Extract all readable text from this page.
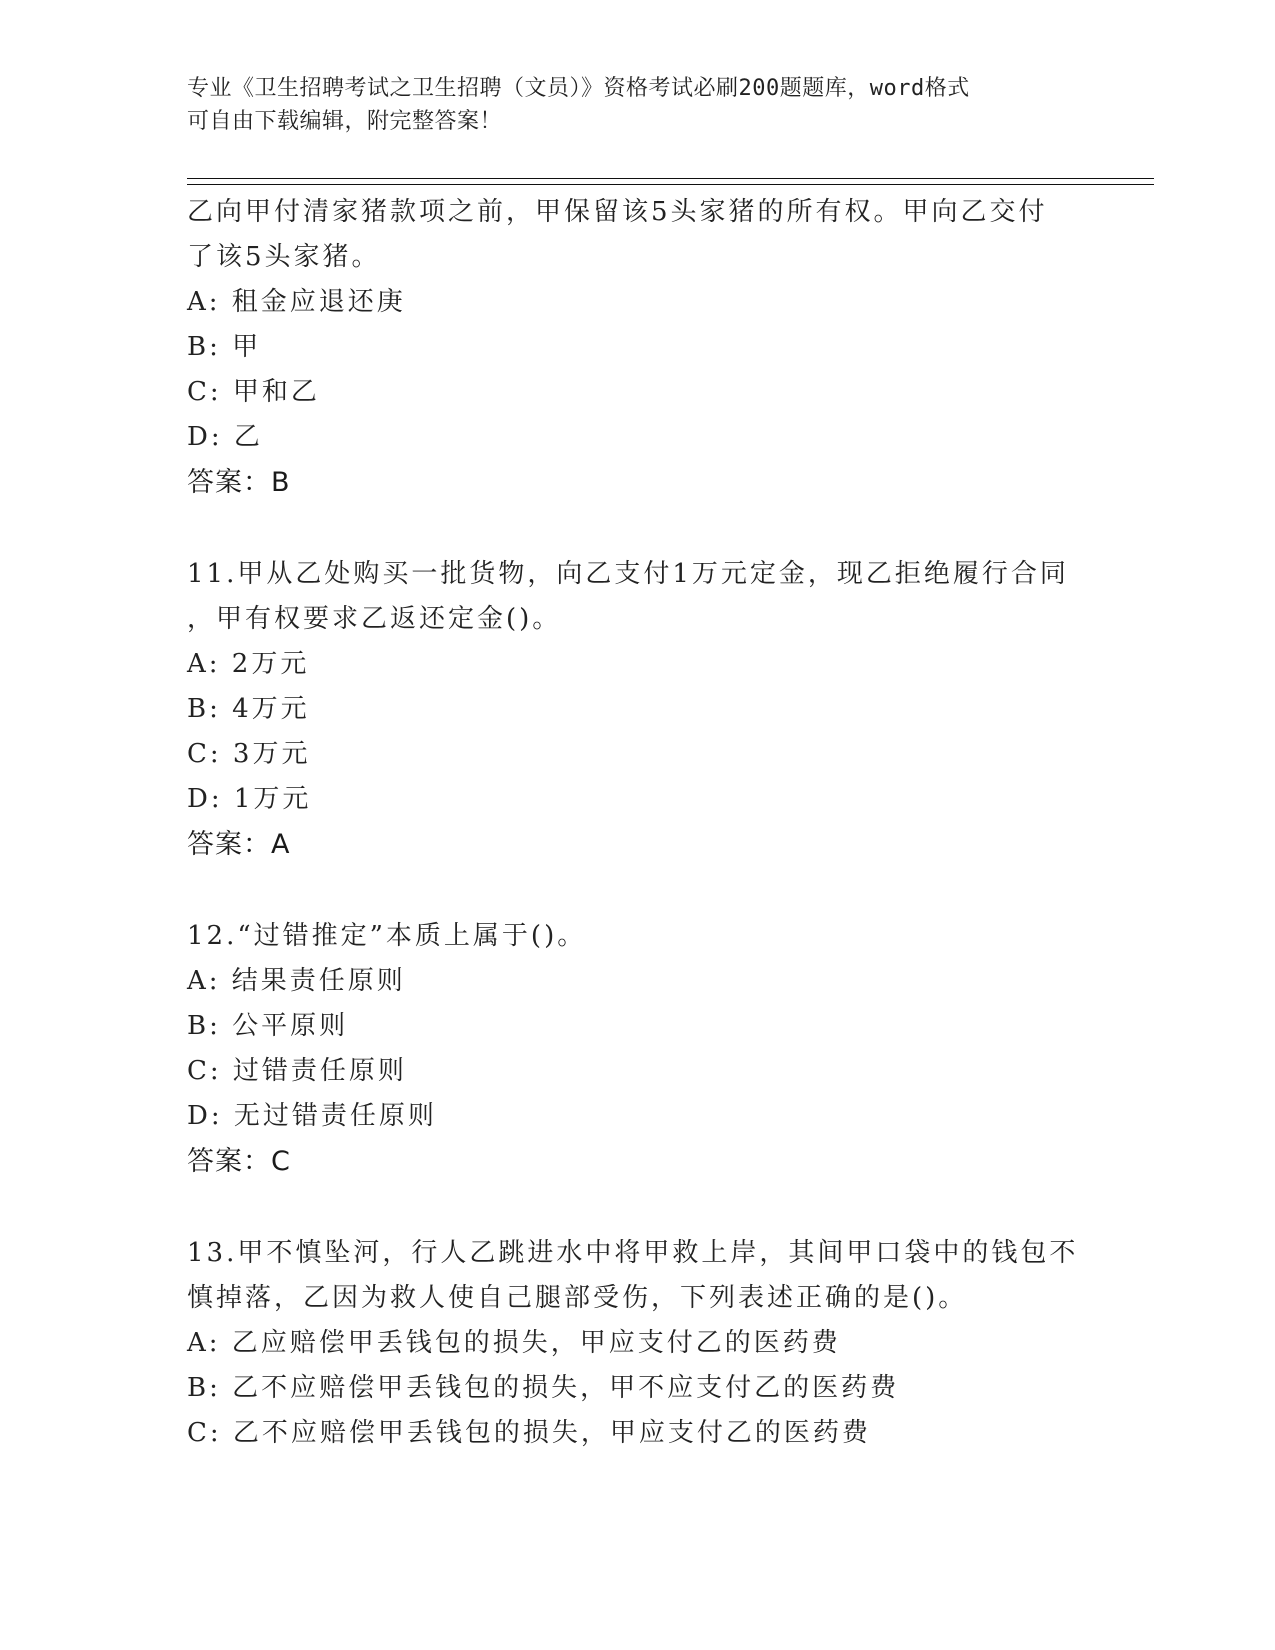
专业《卫生招聘考试之卫生招聘（文员）》资格考试必刷200题题库，word格式
可自由下载编辑，附完整答案！
乙向甲付清家猪款项之前，甲保留该5头家猪的所有权。甲向乙交付
了该5头家猪。
A: 租金应退还庚
B: 甲
C: 甲和乙
D: 乙
答案：B
11.甲从乙处购买一批货物，向乙支付1万元定金，现乙拒绝履行合同
，甲有权要求乙返还定金()。
A: 2万元
B: 4万元
C: 3万元
D: 1万元
答案：A
12.“过错推定”本质上属于()。
A: 结果责任原则
B: 公平原则
C: 过错责任原则
D: 无过错责任原则
答案：C
13.甲不慎坠河，行人乙跳进水中将甲救上岸，其间甲口袋中的钱包不
慎掉落，乙因为救人使自己腿部受伤，下列表述正确的是()。
A: 乙应赔偿甲丢钱包的损失，甲应支付乙的医药费
B: 乙不应赔偿甲丢钱包的损失，甲不应支付乙的医药费
C: 乙不应赔偿甲丢钱包的损失，甲应支付乙的医药费
